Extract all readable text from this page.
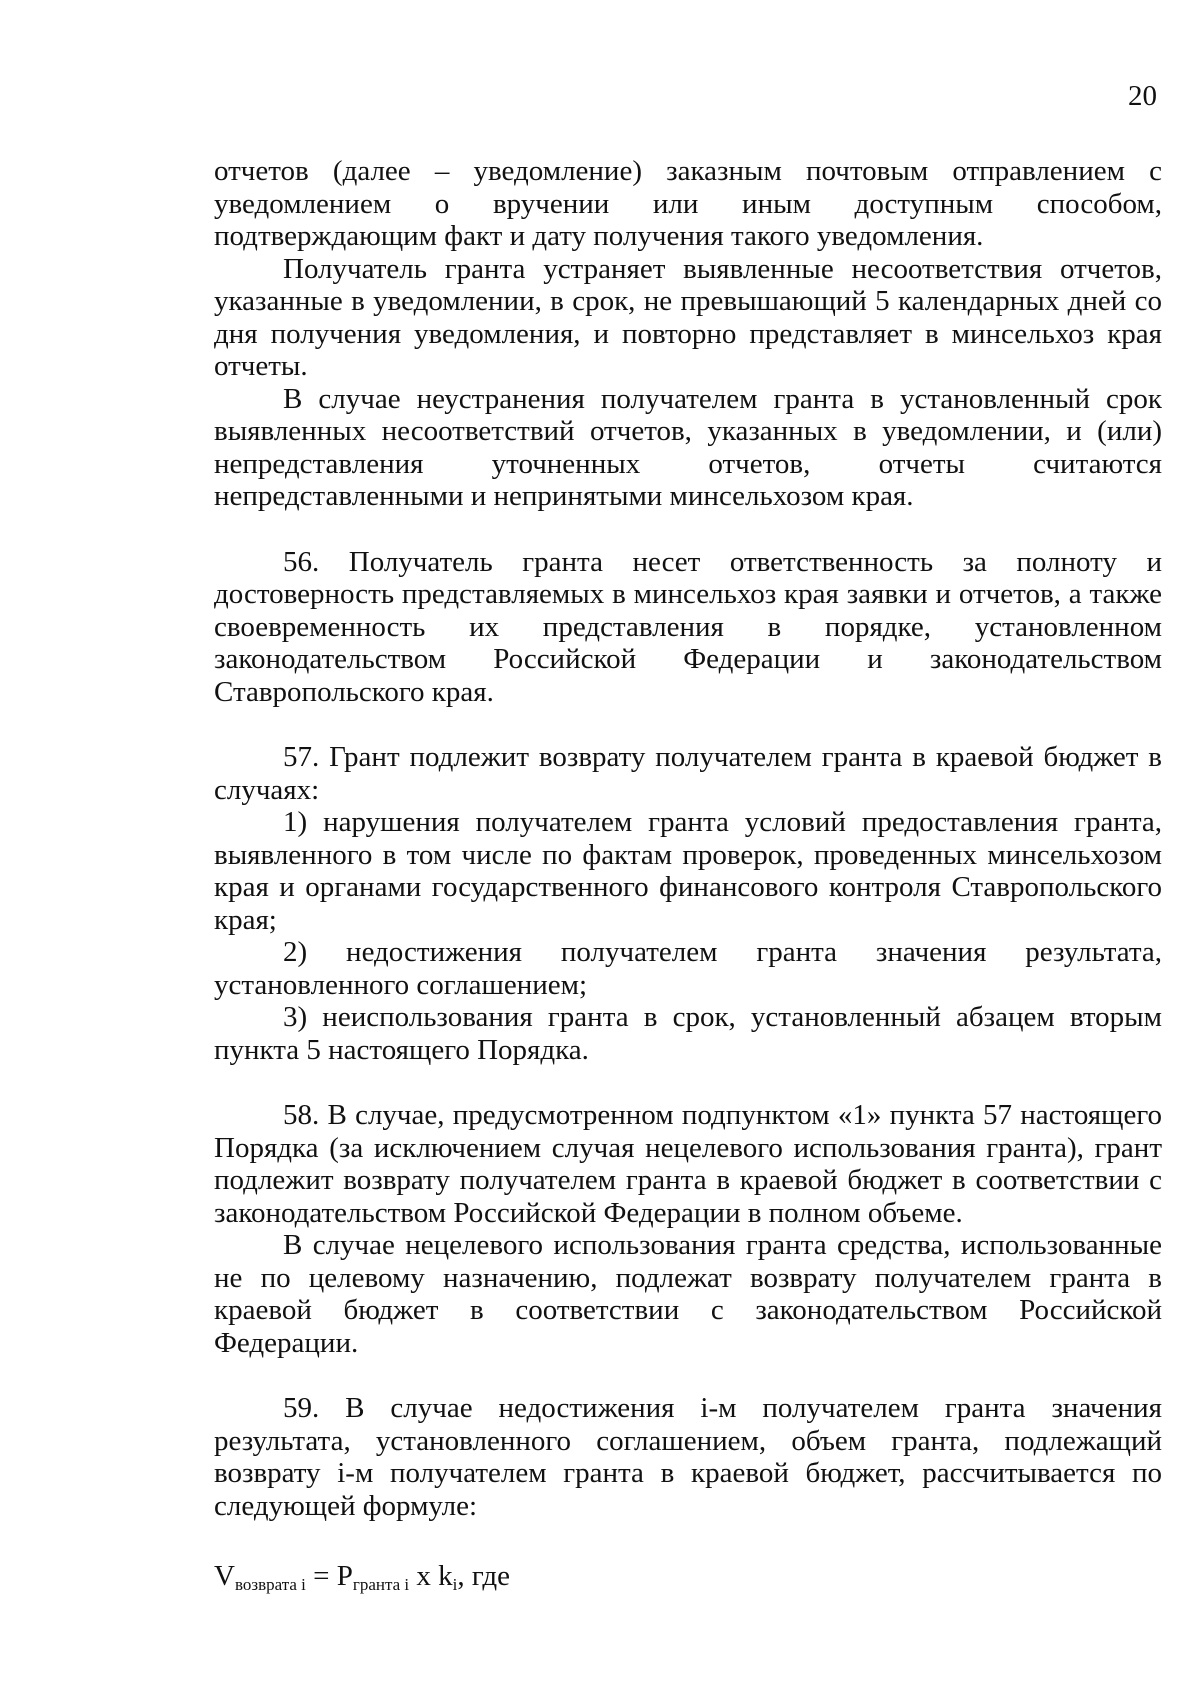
20

отчетов (далее – уведомление) заказным почтовым отправлением с уведомлением о вручении или иным доступным способом, подтверждающим факт и дату получения такого уведомления.

Получатель гранта устраняет выявленные несоответствия отчетов, указанные в уведомлении, в срок, не превышающий 5 календарных дней со дня получения уведомления, и повторно представляет в минсельхоз края отчеты.

В случае неустранения получателем гранта в установленный срок выявленных несоответствий отчетов, указанных в уведомлении, и (или) непредставления уточненных отчетов, отчеты считаются непредставленными и непринятыми минсельхозом края.

56. Получатель гранта несет ответственность за полноту и достоверность представляемых в минсельхоз края заявки и отчетов, а также своевременность их представления в порядке, установленном законодательством Российской Федерации и законодательством Ставропольского края.

57. Грант подлежит возврату получателем гранта в краевой бюджет в случаях:

1) нарушения получателем гранта условий предоставления гранта, выявленного в том числе по фактам проверок, проведенных минсельхозом края и органами государственного финансового контроля Ставропольского края;

2) недостижения получателем гранта значения результата, установленного соглашением;

3) неиспользования гранта в срок, установленный абзацем вторым пункта 5 настоящего Порядка.

58. В случае, предусмотренном подпунктом «1» пункта 57 настоящего Порядка (за исключением случая нецелевого использования гранта), грант подлежит возврату получателем гранта в краевой бюджет в соответствии с законодательством Российской Федерации в полном объеме.

В случае нецелевого использования гранта средства, использованные не по целевому назначению, подлежат возврату получателем гранта в краевой бюджет в соответствии с законодательством Российской Федерации.

59. В случае недостижения i-м получателем гранта значения результата, установленного соглашением, объем гранта, подлежащий возврату i-м получателем гранта в краевой бюджет, рассчитывается по следующей формуле:

$V_{возврата i} = P_{гранта i}$ x $k_i$, где
